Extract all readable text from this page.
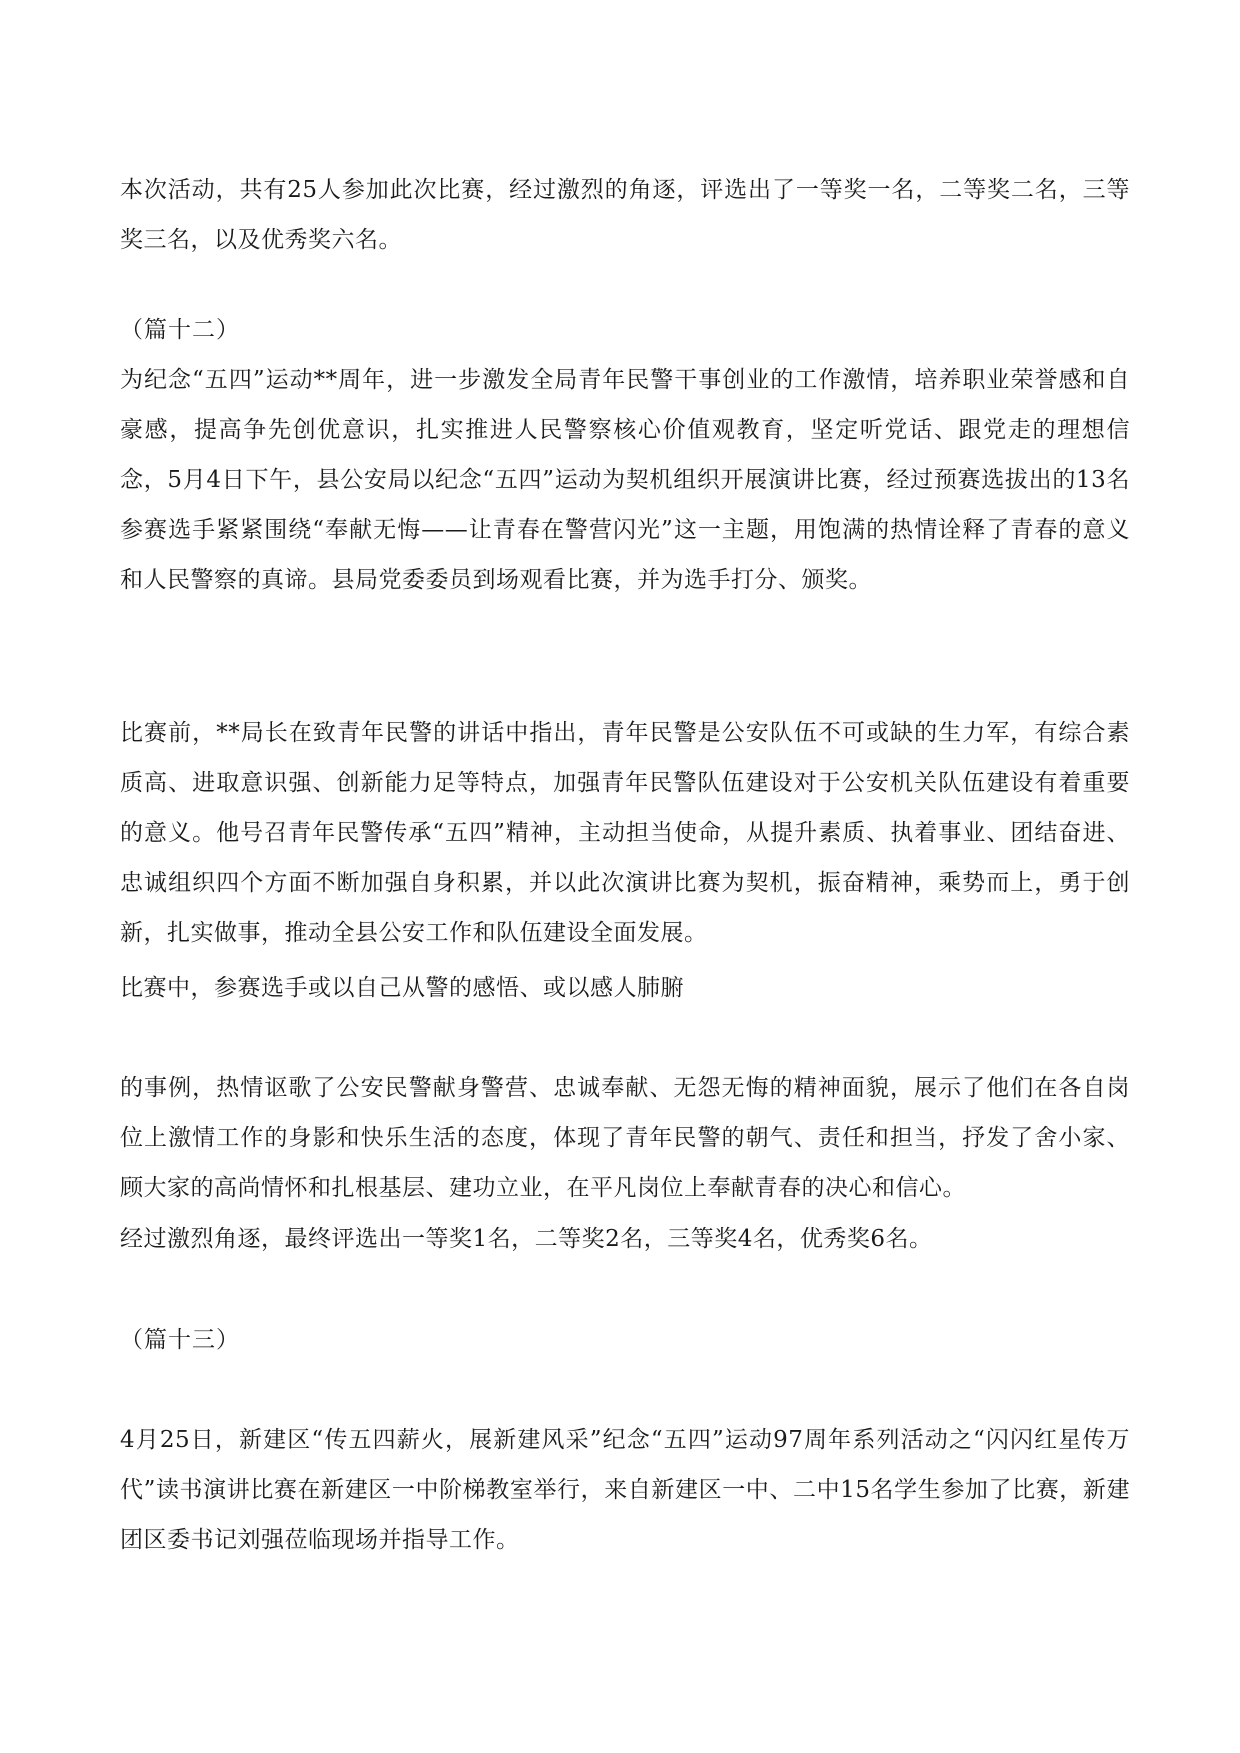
本次活动，共有25人参加此次比赛，经过激烈的角逐，评选出了一等奖一名，二等奖二名，三等奖三名，以及优秀奖六名。

（篇十二）

为纪念“五四”运动**周年，进一步激发全局青年民警干事创业的工作激情，培养职业荣誉感和自豪感，提高争先创优意识，扎实推进人民警察核心价值观教育，坚定听党话、跟党走的理想信念，5月4日下午，县公安局以纪念“五四”运动为契机组织开展演讲比赛，经过预赛选拔出的13名参赛选手紧紧围绕“奉献无悔——让青春在警营闪光”这一主题，用饱满的热情诠释了青春的意义和人民警察的真谛。县局党委委员到场观看比赛，并为选手打分、颁奖。

比赛前，**局长在致青年民警的讲话中指出，青年民警是公安队伍不可或缺的生力军，有综合素质高、进取意识强、创新能力足等特点，加强青年民警队伍建设对于公安机关队伍建设有着重要的意义。他号召青年民警传承“五四”精神，主动担当使命，从提升素质、执着事业、团结奋进、忠诚组织四个方面不断加强自身积累，并以此次演讲比赛为契机，振奋精神，乘势而上，勇于创新，扎实做事，推动全县公安工作和队伍建设全面发展。

比赛中，参赛选手或以自己从警的感悟、或以感人肺腑

的事例，热情讴歌了公安民警献身警营、忠诚奉献、无怨无悔的精神面貌，展示了他们在各自岗位上激情工作的身影和快乐生活的态度，体现了青年民警的朝气、责任和担当，抒发了舍小家、顾大家的高尚情怀和扎根基层、建功立业，在平凡岗位上奉献青春的决心和信心。

经过激烈角逐，最终评选出一等奖1名，二等奖2名，三等奖4名，优秀奖6名。

（篇十三）

4月25日，新建区“传五四薪火，展新建风采”纪念“五四”运动97周年系列活动之“闪闪红星传万代”读书演讲比赛在新建区一中阶梯教室举行，来自新建区一中、二中15名学生参加了比赛，新建团区委书记刘强莅临现场并指导工作。
